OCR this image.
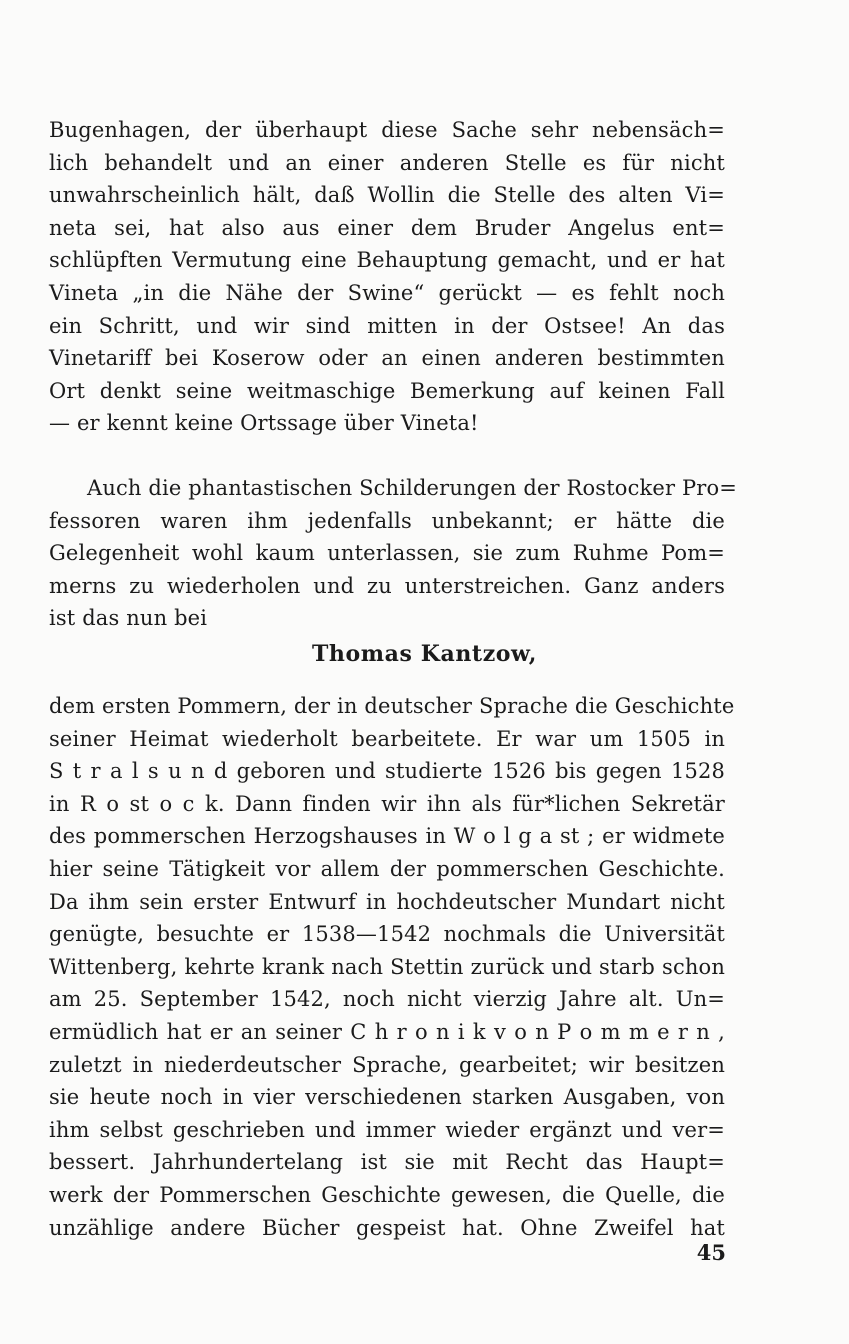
Bugenhagen, der überhaupt diese Sache sehr nebensäch=
lich behandelt und an einer anderen Stelle es für nicht
unwahrscheinlich hält, daß Wollin die Stelle des alten Vi=
neta sei, hat also aus einer dem Bruder Angelus ent=
schlüpften Vermutung eine Behauptung gemacht, und er hat
Vineta „in die Nähe der Swine“ gerückt — es fehlt noch
ein Schritt, und wir sind mitten in der Ostsee! An das
Vinetariff bei Koserow oder an einen anderen bestimmten
Ort denkt seine weitmaschige Bemerkung auf keinen Fall
— er kennt keine Ortssage über Vineta!
Auch die phantastischen Schilderungen der Rostocker Pro=
fessoren waren ihm jedenfalls unbekannt; er hätte die
Gelegenheit wohl kaum unterlassen, sie zum Ruhme Pom=
merns zu wiederholen und zu unterstreichen. Ganz anders
ist das nun bei
Thomas Kantzow,
dem ersten Pommern, der in deutscher Sprache die Geschichte
seiner Heimat wiederholt bearbeitete. Er war um 1505 in
S t r a l s u n d geboren und studierte 1526 bis gegen 1528
in R o st o c k. Dann finden wir ihn als für*lichen Sekretär
des pommerschen Herzogshauses in W o l g a st ; er widmete
hier seine Tätigkeit vor allem der pommerschen Geschichte.
Da ihm sein erster Entwurf in hochdeutscher Mundart nicht
genügte, besuchte er 1538—1542 nochmals die Universität
Wittenberg, kehrte krank nach Stettin zurück und starb schon
am 25. September 1542, noch nicht vierzig Jahre alt. Un=
ermüdlich hat er an seiner C h r o n i k v o n P o m m e r n ,
zuletzt in niederdeutscher Sprache, gearbeitet; wir besitzen
sie heute noch in vier verschiedenen starken Ausgaben, von
ihm selbst geschrieben und immer wieder ergänzt und ver=
bessert. Jahrhundertelang ist sie mit Recht das Haupt=
werk der Pommerschen Geschichte gewesen, die Quelle, die
unzählige andere Bücher gespeist hat. Ohne Zweifel hat
45
